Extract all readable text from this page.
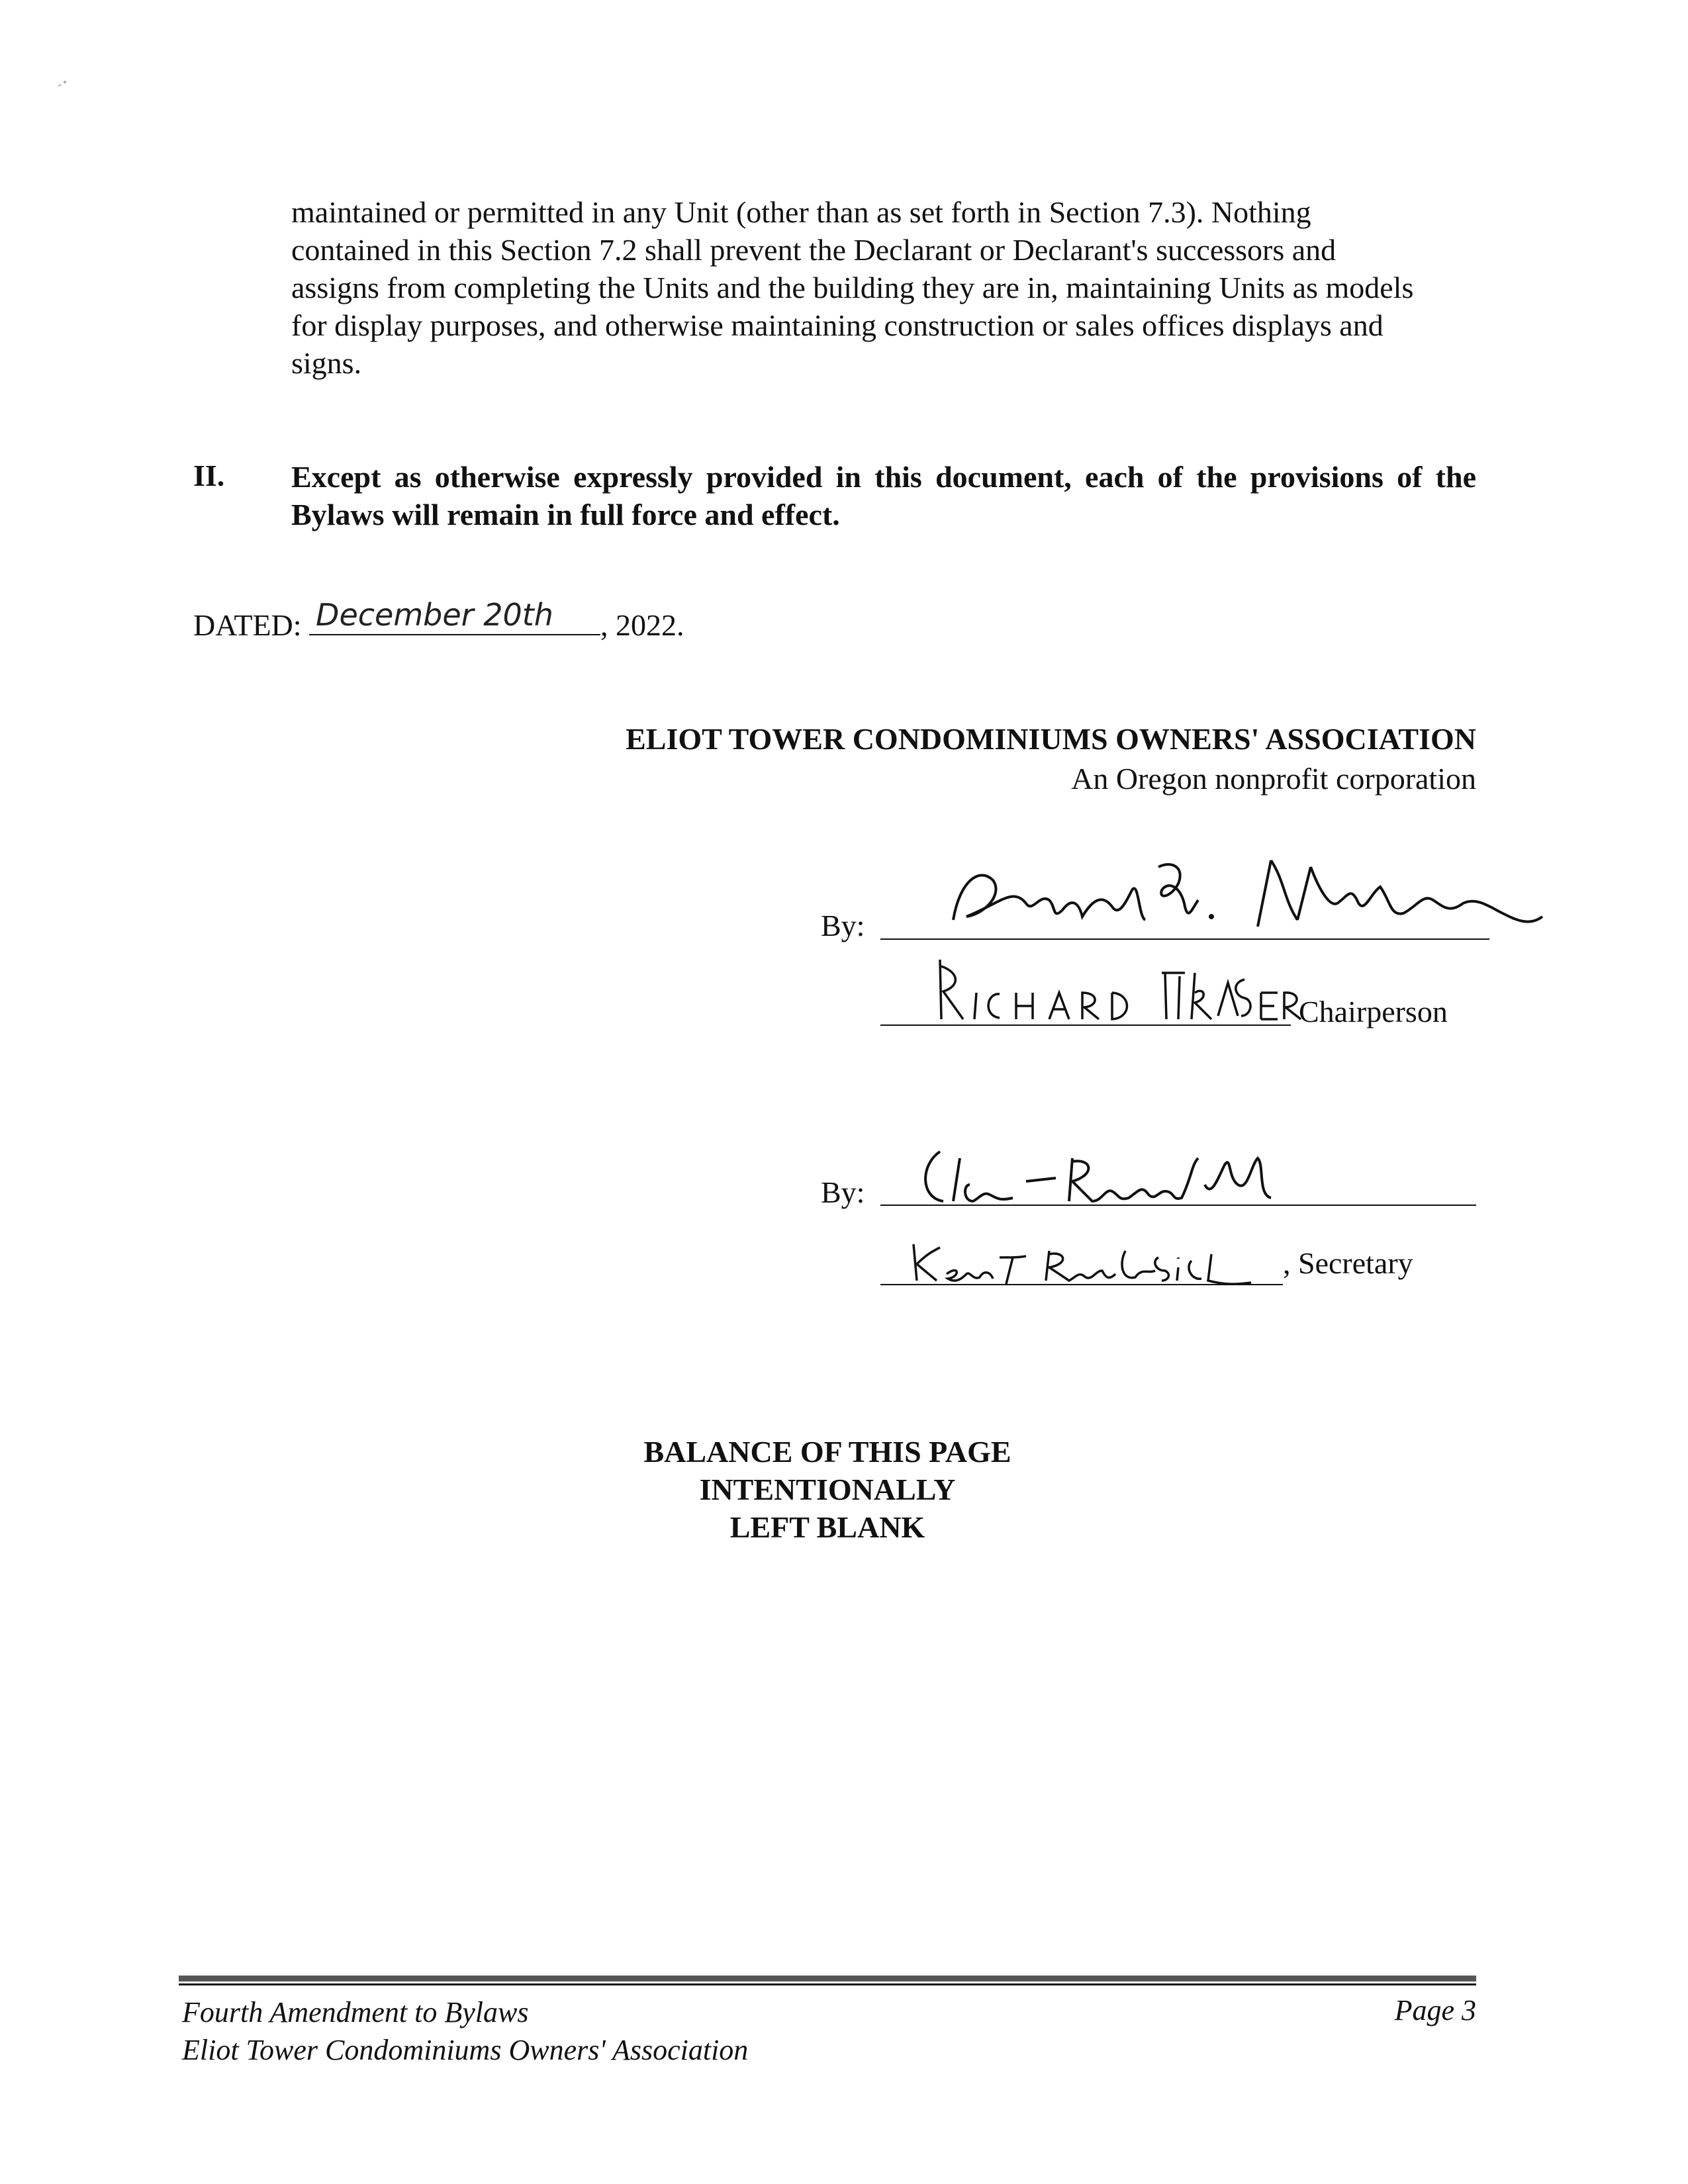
maintained or permitted in any Unit (other than as set forth in Section 7.3). Nothing
contained in this Section 7.2 shall prevent the Declarant or Declarant's successors and
assigns from completing the Units and the building they are in, maintaining Units as models
for display purposes, and otherwise maintaining construction or sales offices displays and
signs.
II. Except as otherwise expressly provided in this document, each of the provisions of the Bylaws will remain in full force and effect.
DATED: December 20th , 2022.
ELIOT TOWER CONDOMINIUMS OWNERS' ASSOCIATION
An Oregon nonprofit corporation
By:
Chairperson
By:
, Secretary
BALANCE OF THIS PAGE
INTENTIONALLY
LEFT BLANK
Fourth Amendment to Bylaws
Eliot Tower Condominiums Owners' Association
Page 3
